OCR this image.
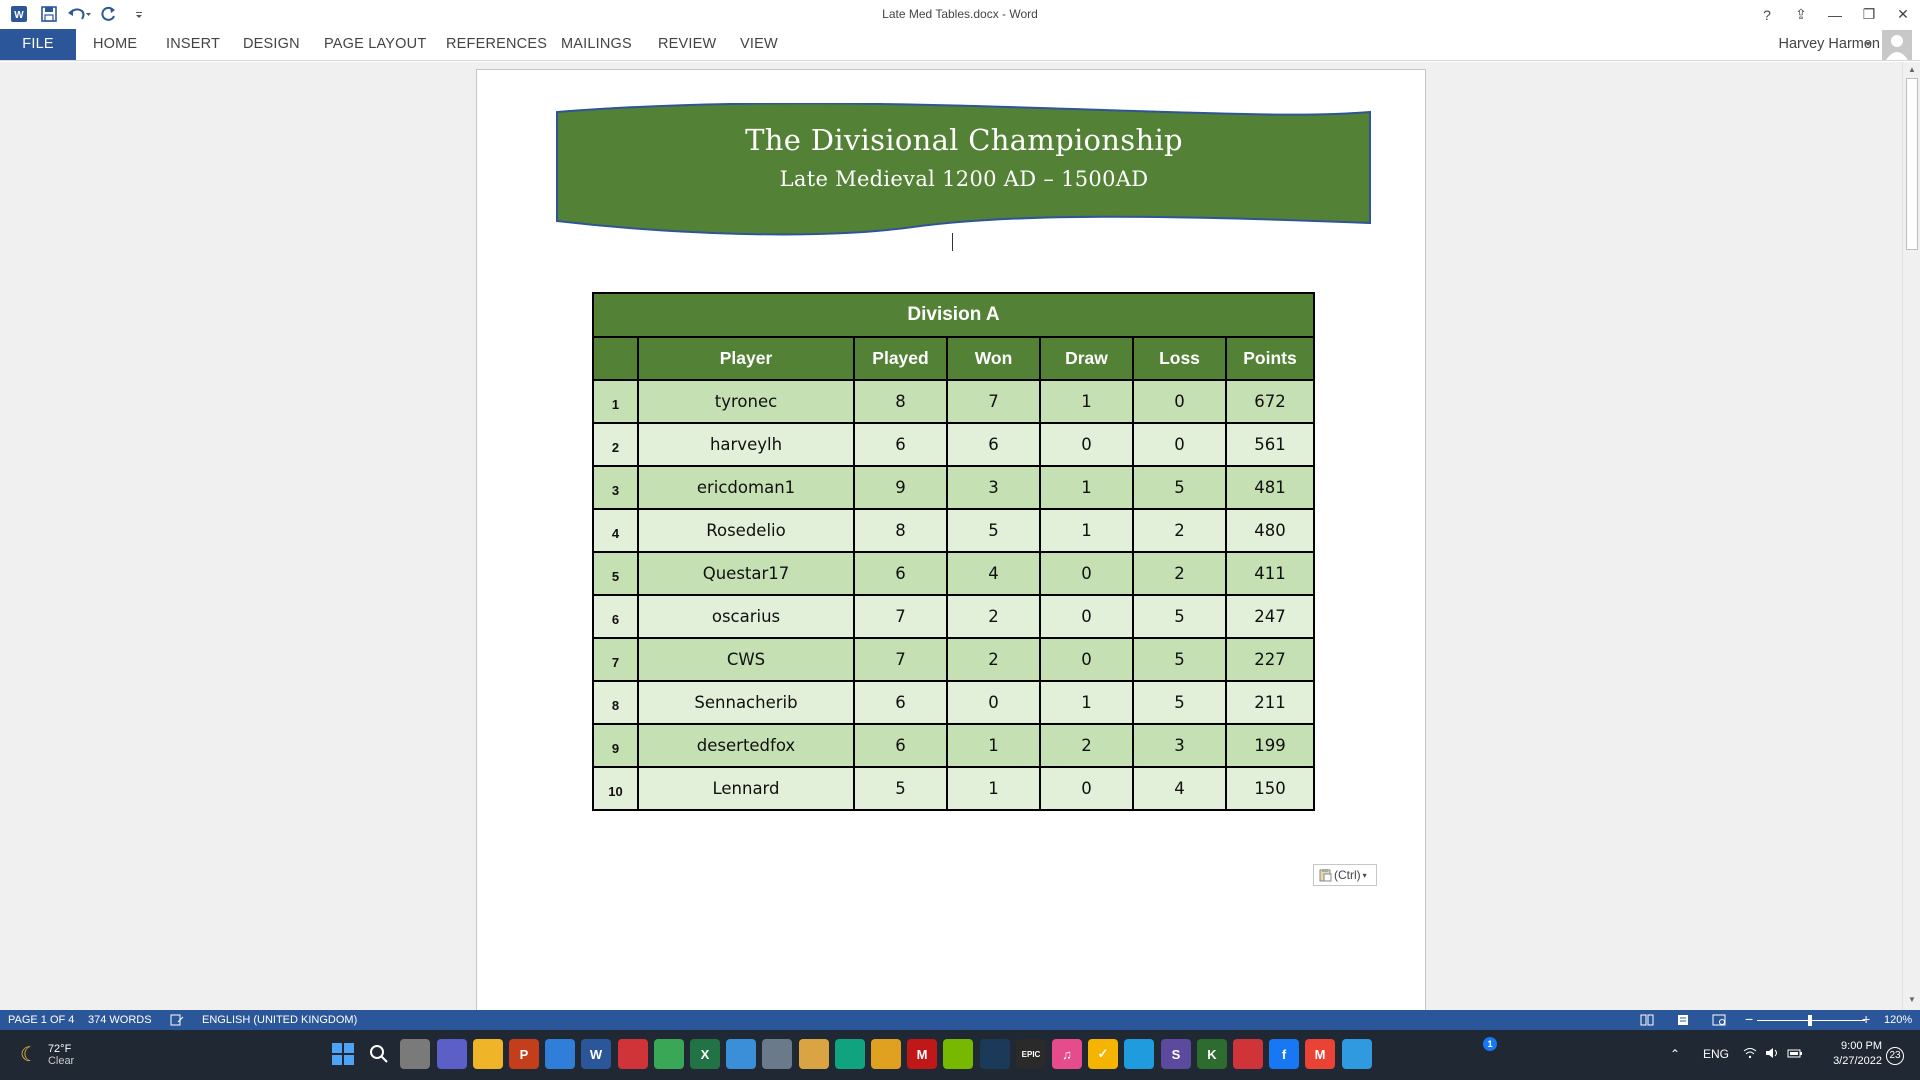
W	Late Med Tables.docx - Word	?	⇪	—	❐	✕
FILE	HOME INSERT DESIGN PAGE LAYOUT REFERENCES MAILINGS REVIEW VIEW	Harvey Harmon
The Divisional Championship
Late Medieval 1200 AD – 1500AD
Division A						
	Player	Played	Won	Draw	Loss	Points
1	tyronec	8	7	1	0	672
2	harveylh	6	6	0	0	561
3	ericdoman1	9	3	1	5	481
4	Rosedelio	8	5	1	2	480
5	Questar17	6	4	0	2	411
6	oscarius	7	2	0	5	247
7	CWS	7	2	0	5	227
8	Sennacherib	6	0	1	5	211
9	desertedfox	6	1	2	3	199
10	Lennard	5	1	0	4	150
(Ctrl) ▾
▲
▼
PAGE 1 OF 4 374 WORDS	ENGLISH (UNITED KINGDOM)	−	+ 120%
☾ 72°F
Clear	P	W	X	M	EPIC	♫	✓	S	K	f	M
1
⌃ ENG
9:00 PM
3/27/2022 23
